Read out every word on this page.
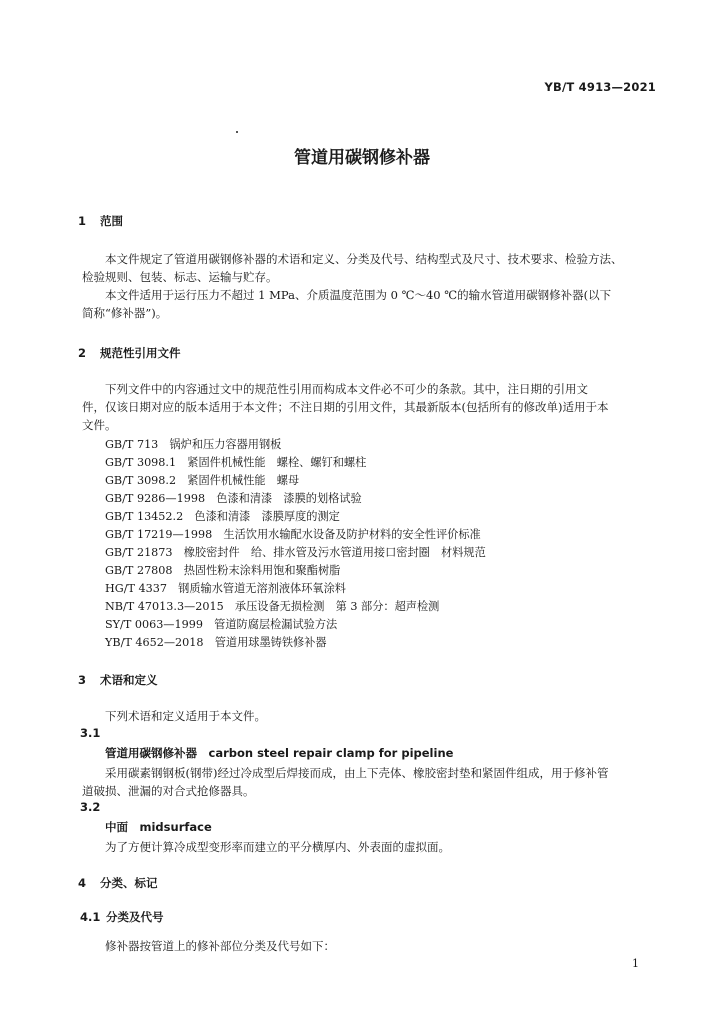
YB/T 4913—2021
管道用碳钢修补器
1 范围
本文件规定了管道用碳钢修补器的术语和定义、分类及代号、结构型式及尺寸、技术要求、检验方法、
检验规则、包装、标志、运输与贮存。
本文件适用于运行压力不超过 1 MPa、介质温度范围为 0 ℃～40 ℃的输水管道用碳钢修补器(以下
简称“修补器”)。
2 规范性引用文件
下列文件中的内容通过文中的规范性引用而构成本文件必不可少的条款。其中，注日期的引用文
件，仅该日期对应的版本适用于本文件；不注日期的引用文件，其最新版本(包括所有的修改单)适用于本
文件。
GB/T 713　锅炉和压力容器用钢板
GB/T 3098.1　紧固件机械性能　螺栓、螺钉和螺柱
GB/T 3098.2　紧固件机械性能　螺母
GB/T 9286—1998　色漆和清漆　漆膜的划格试验
GB/T 13452.2　色漆和清漆　漆膜厚度的测定
GB/T 17219—1998　生活饮用水输配水设备及防护材料的安全性评价标准
GB/T 21873　橡胶密封件　给、排水管及污水管道用接口密封圈　材料规范
GB/T 27808　热固性粉末涂料用饱和聚酯树脂
HG/T 4337　钢质输水管道无溶剂液体环氧涂料
NB/T 47013.3—2015　承压设备无损检测　第 3 部分：超声检测
SY/T 0063—1999　管道防腐层检漏试验方法
YB/T 4652—2018　管道用球墨铸铁修补器
3 术语和定义
下列术语和定义适用于本文件。
3.1
管道用碳钢修补器　carbon steel repair clamp for pipeline
采用碳素钢钢板(钢带)经过冷成型后焊接而成，由上下壳体、橡胶密封垫和紧固件组成，用于修补管
道破损、泄漏的对合式抢修器具。
3.2
中面　midsurface
为了方便计算冷成型变形率而建立的平分横厚内、外表面的虚拟面。
4 分类、标记
4.1 分类及代号
修补器按管道上的修补部位分类及代号如下：
1
